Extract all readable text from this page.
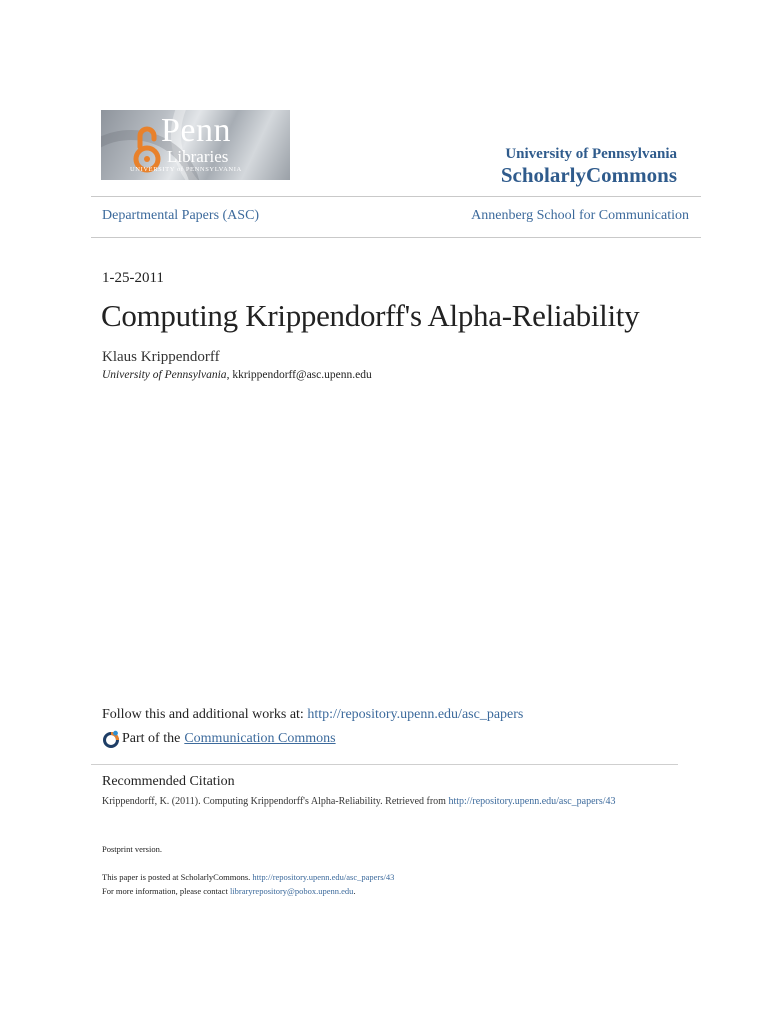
Penn
Libraries
UNIVERSITY of PENNSYLVANIA
University of Pennsylvania
ScholarlyCommons
Departmental Papers (ASC)	Annenberg School for Communication
1-25-2011
Computing Krippendorff's Alpha-Reliability
Klaus Krippendorff
University of Pennsylvania, kkrippendorff@asc.upenn.edu
Follow this and additional works at: http://repository.upenn.edu/asc_papers
Part of the Communication Commons
Recommended Citation
Krippendorff, K. (2011). Computing Krippendorff's Alpha-Reliability. Retrieved from http://repository.upenn.edu/asc_papers/43
Postprint version.
This paper is posted at ScholarlyCommons. http://repository.upenn.edu/asc_papers/43
For more information, please contact libraryrepository@pobox.upenn.edu.
